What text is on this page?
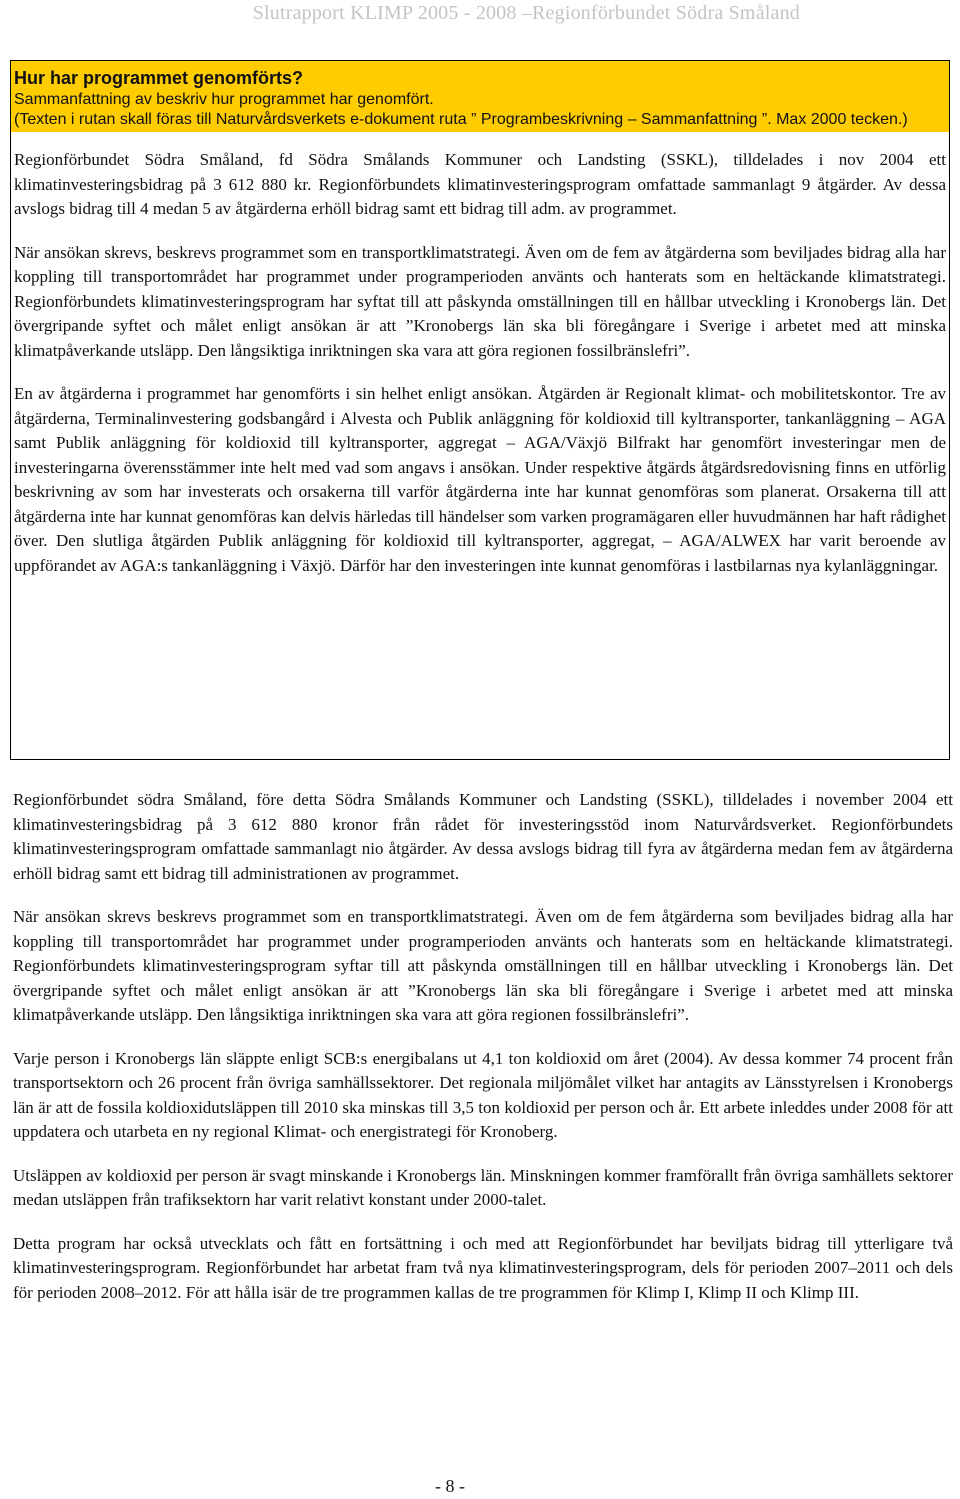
Slutrapport KLIMP 2005 - 2008 –Regionförbundet Södra Småland
Hur har programmet genomförts?
Sammanfattning av beskriv hur programmet har genomfört.
(Texten i rutan skall föras till Naturvårdsverkets e-dokument ruta ” Programbeskrivning – Sammanfattning ”. Max 2000 tecken.)

Regionförbundet Södra Småland, fd Södra Smålands Kommuner och Landsting (SSKL), tilldelades i nov 2004 ett klimatinvesteringsbidrag på 3 612 880 kr. Regionförbundets klimatinvesteringsprogram omfattade sammanlagt 9 åtgärder. Av dessa avslogs bidrag till 4 medan 5 av åtgärderna erhöll bidrag samt ett bidrag till adm. av programmet.

När ansökan skrevs, beskrevs programmet som en transportklimatstrategi. Även om de fem av åtgärderna som beviljades bidrag alla har koppling till transportområdet har programmet under programperioden använts och hanterats som en heltäckande klimatstrategi. Regionförbundets klimatinvesteringsprogram har syftat till att påskynda omställningen till en hållbar utveckling i Kronobergs län. Det övergripande syftet och målet enligt ansökan är att ”Kronobergs län ska bli föregångare i Sverige i arbetet med att minska klimatpåverkande utsläpp. Den långsiktiga inriktningen ska vara att göra regionen fossilbränslefri”.

En av åtgärderna i programmet har genomförts i sin helhet enligt ansökan. Åtgärden är Regionalt klimat- och mobilitetskontor. Tre av åtgärderna, Terminalinvestering godsbangård i Alvesta och Publik anläggning för koldioxid till kyltransporter, tankanläggning – AGA samt Publik anläggning för koldioxid till kyltransporter, aggregat – AGA/Växjö Bilfrakt har genomfört investeringar men de investeringarna överensstämmer inte helt med vad som angavs i ansökan. Under respektive åtgärds åtgärdsredovisning finns en utförlig beskrivning av som har investerats och orsakerna till varför åtgärderna inte har kunnat genomföras som planerat. Orsakerna till att åtgärderna inte har kunnat genomföras kan delvis härledas till händelser som varken programägaren eller huvudmännen har haft rådighet över. Den slutliga åtgärden Publik anläggning för koldioxid till kyltransporter, aggregat, – AGA/ALWEX har varit beroende av uppförandet av AGA:s tankanläggning i Växjö. Därför har den investeringen inte kunnat genomföras i lastbilarnas nya kylanläggningar.

Regionförbundet södra Småland, före detta Södra Smålands Kommuner och Landsting (SSKL), tilldelades i november 2004 ett klimatinvesteringsbidrag på 3 612 880 kronor från rådet för investeringsstöd inom Naturvårdsverket. Regionförbundets klimatinvesteringsprogram omfattade sammanlagt nio åtgärder. Av dessa avslogs bidrag till fyra av åtgärderna medan fem av åtgärderna erhöll bidrag samt ett bidrag till administrationen av programmet.

När ansökan skrevs beskrevs programmet som en transportklimatstrategi. Även om de fem åtgärderna som beviljades bidrag alla har koppling till transportområdet har programmet under programperioden använts och hanterats som en heltäckande klimatstrategi. Regionförbundets klimatinvesteringsprogram syftar till att påskynda omställningen till en hållbar utveckling i Kronobergs län. Det övergripande syftet och målet enligt ansökan är att ”Kronobergs län ska bli föregångare i Sverige i arbetet med att minska klimatpåverkande utsläpp. Den långsiktiga inriktningen ska vara att göra regionen fossilbränslefri”.

Varje person i Kronobergs län släppte enligt SCB:s energibalans ut 4,1 ton koldioxid om året (2004). Av dessa kommer 74 procent från transportsektorn och 26 procent från övriga samhällssektorer. Det regionala miljömålet vilket har antagits av Länsstyrelsen i Kronobergs län är att de fossila koldioxidutsläppen till 2010 ska minskas till 3,5 ton koldioxid per person och år. Ett arbete inleddes under 2008 för att uppdatera och utarbeta en ny regional Klimat- och energistrategi för Kronoberg.

Utsläppen av koldioxid per person är svagt minskande i Kronobergs län. Minskningen kommer framförallt från övriga samhällets sektorer medan utsläppen från trafiksektorn har varit relativt konstant under 2000-talet.

Detta program har också utvecklats och fått en fortsättning i och med att Regionförbundet har beviljats bidrag till ytterligare två klimatinvesteringsprogram. Regionförbundet har arbetat fram två nya klimatinvesteringsprogram, dels för perioden 2007–2011 och dels för perioden 2008–2012. För att hålla isär de tre programmen kallas de tre programmen för Klimp I, Klimp II och Klimp III.

- 8 -
